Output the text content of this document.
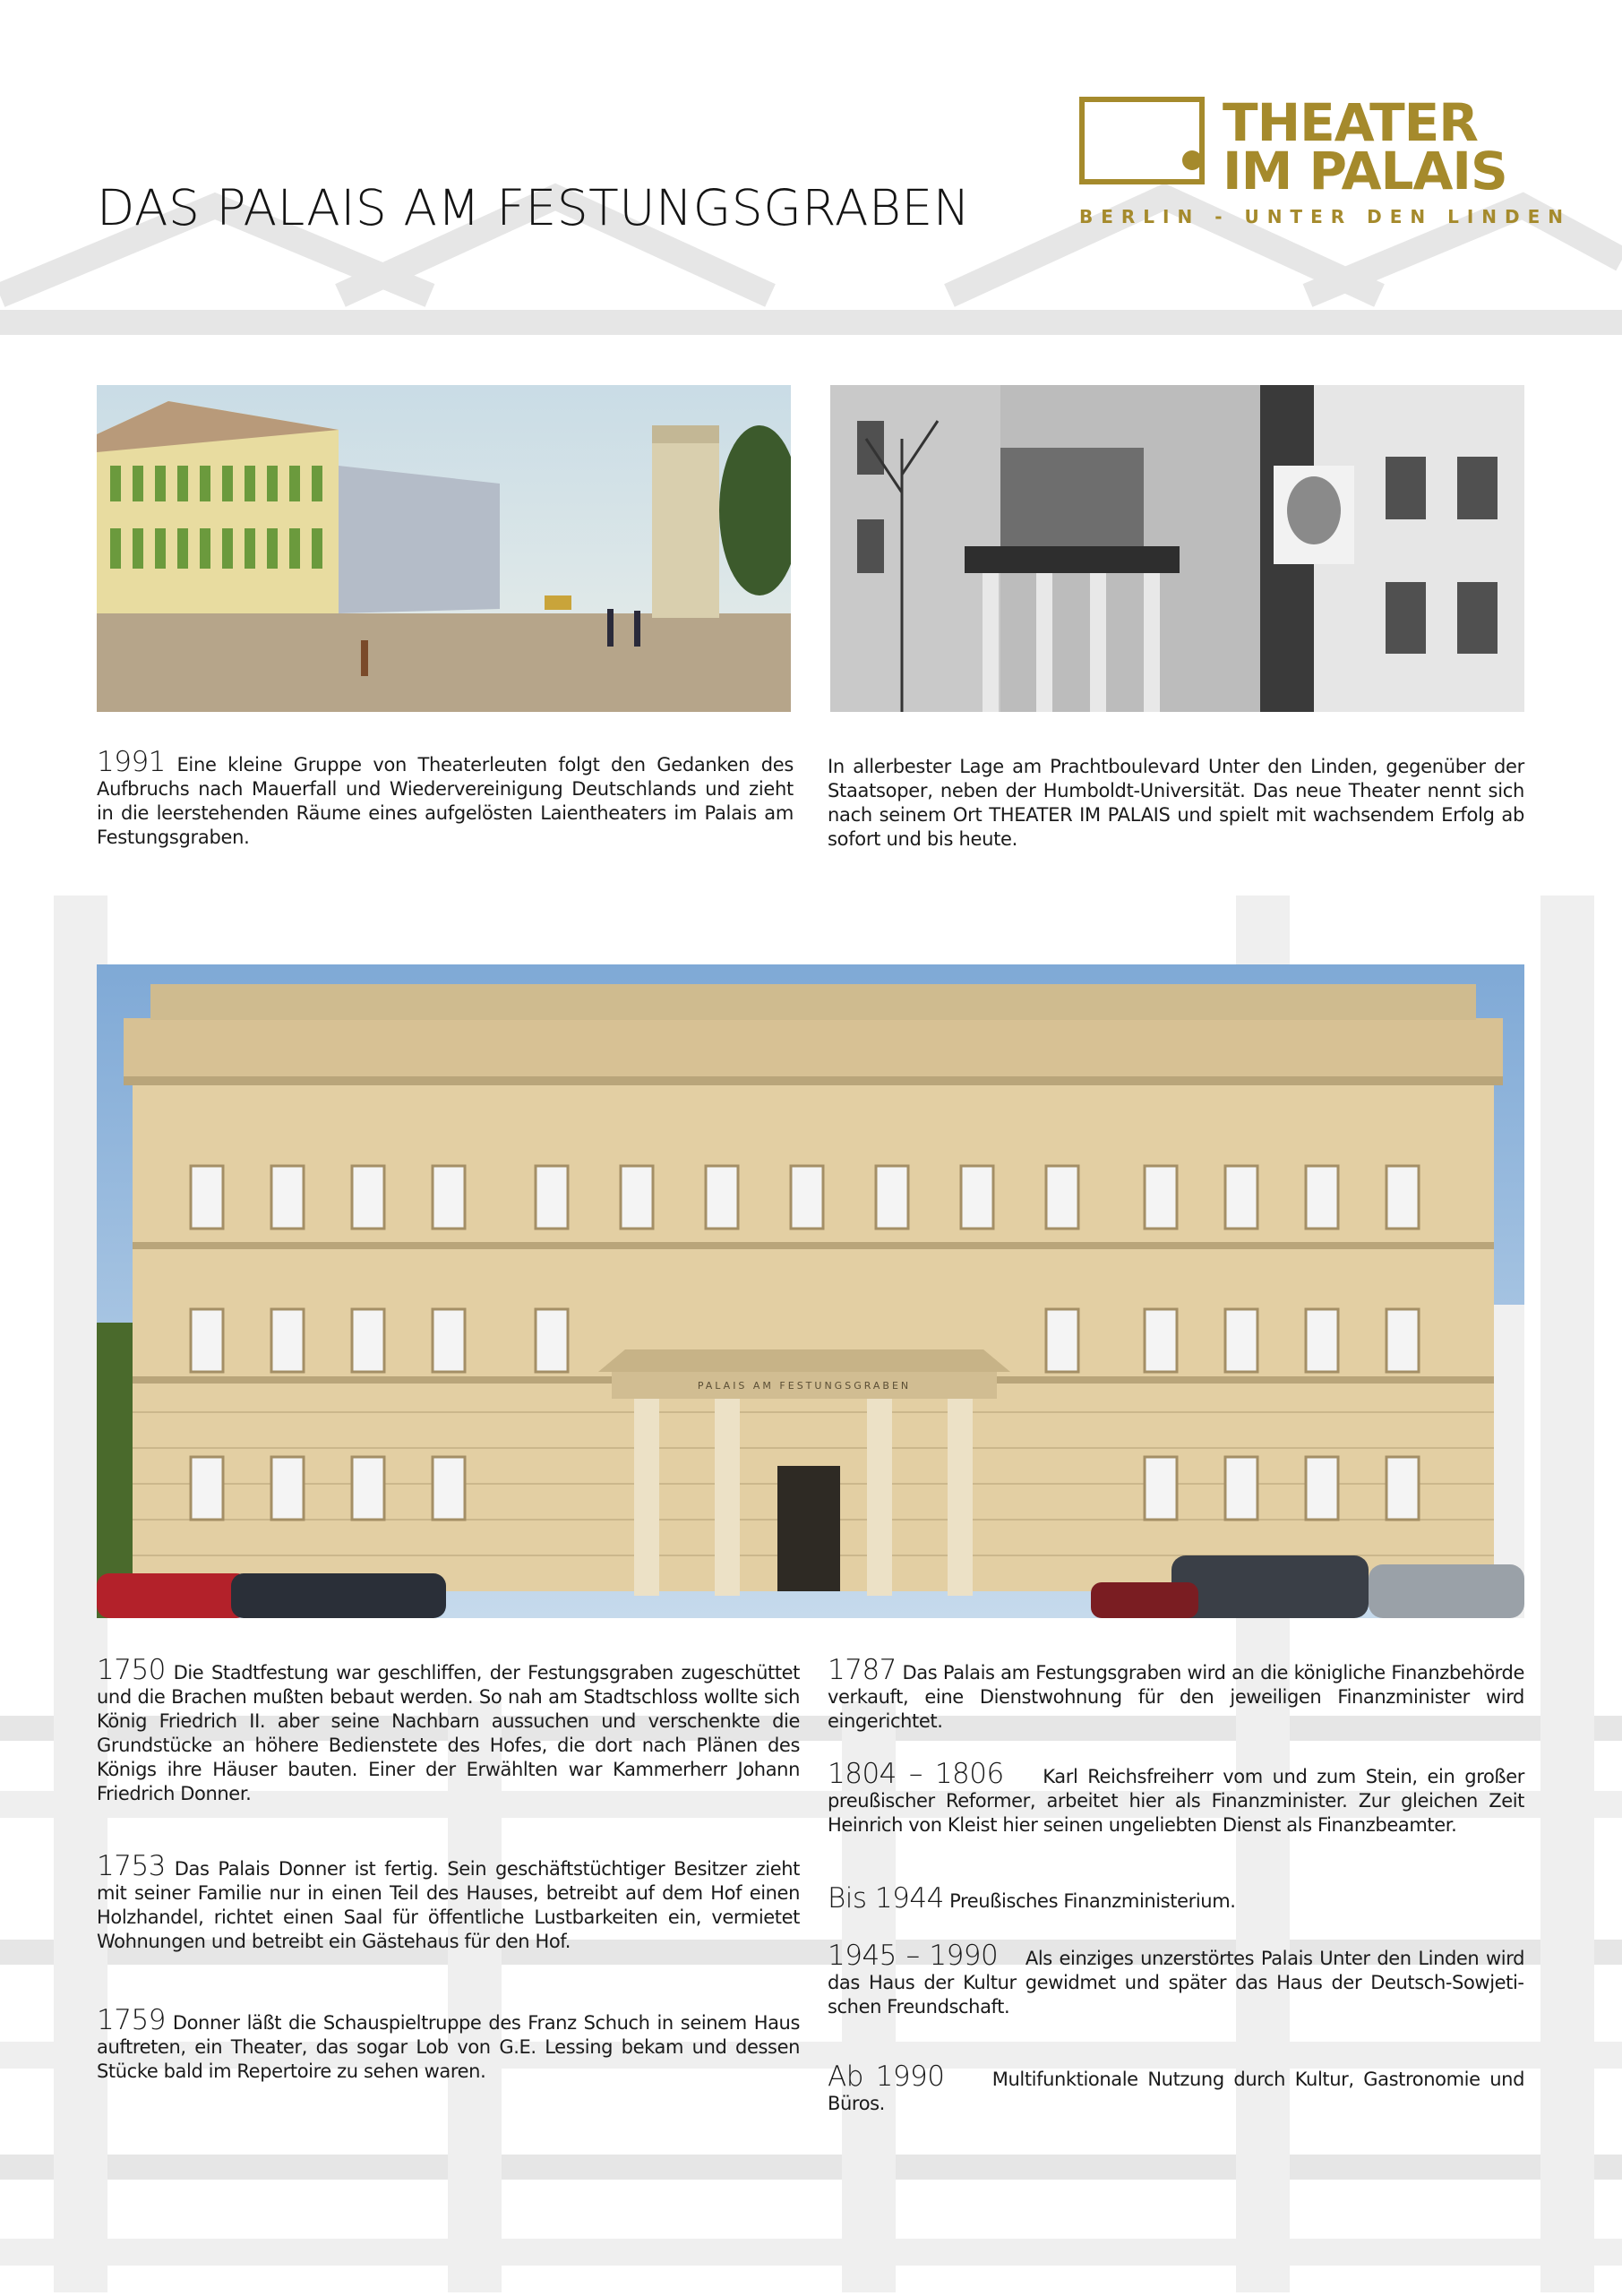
DAS PALAIS AM FESTUNGSGRABEN
THEATER
IM PALAIS
BERLIN - UNTER DEN LINDEN
1991 Eine kleine Gruppe von Theaterleuten folgt den Gedanken des Aufbruchs nach Mauerfall und Wiedervereinigung Deutschlands und zieht in die leerstehenden Räume eines aufgelösten Laientheaters im Palais am Festungsgraben.
In allerbester Lage am Prachtboulevard Unter den Linden, gegenüber der Staatsoper, neben der Humboldt-Universität. Das neue Theater nennt sich nach seinem Ort THEATER IM PALAIS und spielt mit wachsendem Erfolg ab sofort und bis heute.
PALAIS AM FESTUNGSGRABEN
1750 Die Stadtfestung war geschliffen, der Festungsgraben zugeschüttet und die Brachen mußten bebaut werden. So nah am Stadtschloss wollte sich König Friedrich II. aber seine Nachbarn aussuchen und verschenkte die Grundstücke an höhere Bedienstete des Hofes, die dort nach Plänen des Königs ihre Häuser bauten. Einer der Erwählten war Kammerherr Johann Friedrich Donner.
1753 Das Palais Donner ist fertig. Sein geschäftstüchtiger Besitzer zieht mit seiner Familie nur in einen Teil des Hauses, betreibt auf dem Hof einen Holzhandel, richtet einen Saal für öffentliche Lustbarkeiten ein, vermietet Wohnungen und betreibt ein Gästehaus für den Hof.
1759 Donner läßt die Schauspieltruppe des Franz Schuch in seinem Haus auftreten, ein Theater, das sogar Lob von G.E. Lessing bekam und dessen Stücke bald im Repertoire zu sehen waren.
1787 Das Palais am Festungsgraben wird an die königliche Finanzbehörde verkauft, eine Dienstwohnung für den jeweiligen Finanzminister wird eingerichtet.
1804 – 1806 Karl Reichsfreiherr vom und zum Stein, ein großer preußischer Reformer, arbeitet hier als Finanzminister. Zur gleichen Zeit Heinrich von Kleist hier seinen ungeliebten Dienst als Finanzbeamter.
Bis 1944 Preußisches Finanzministerium.
1945 – 1990 Als einziges unzerstörtes Palais Unter den Linden wird das Haus der Kultur gewidmet und später das Haus der Deutsch-Sowjetischen Freundschaft.
Ab 1990	Multifunktionale Nutzung durch Kultur, Gastronomie und Büros.
